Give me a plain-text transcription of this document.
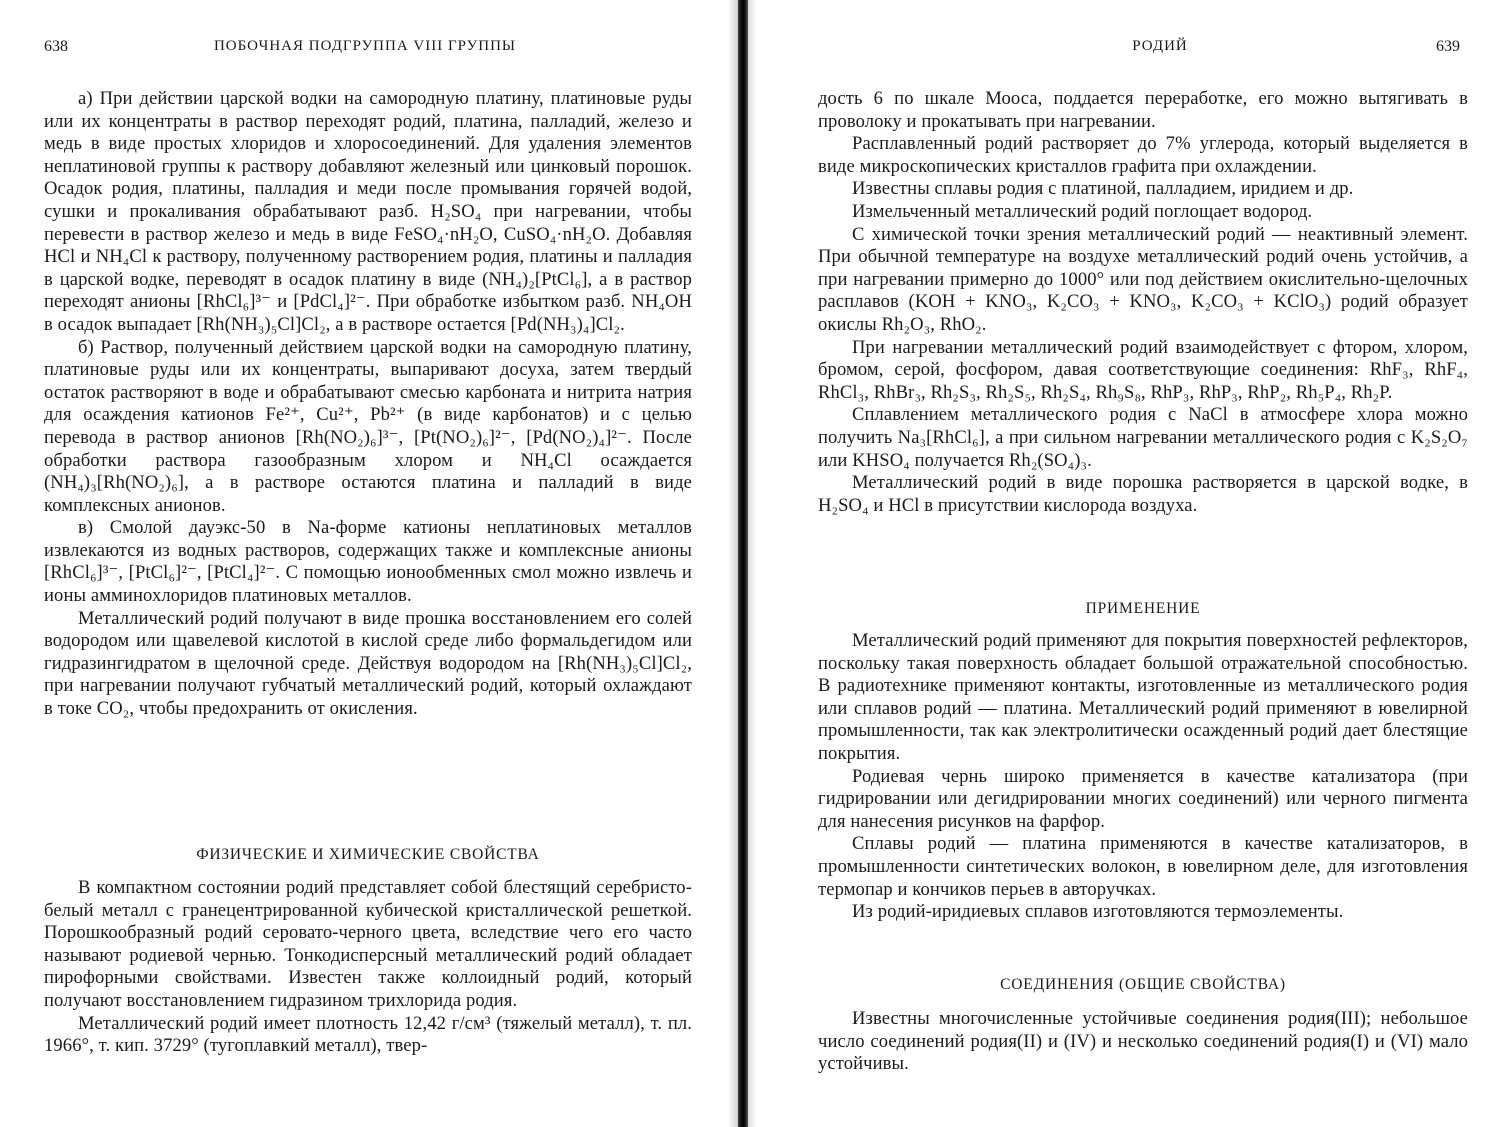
638	ПОБОЧНАЯ ПОДГРУППА VIII ГРУППЫ

а) При действии царской водки на самородную платину, платиновые руды или их концентраты в раствор переходят родий, платина, палладий, железо и медь в виде простых хлоридов и хлоросоединений. Для удаления элементов неплатиновой группы к раствору добавляют железный или цинковый порошок. Осадок родия, платины, палладия и меди после промывания горячей водой, сушки и прокаливания обрабатывают разб. H₂SO₄ при нагревании, чтобы перевести в раствор железо и медь в виде FeSO₄·nH₂O, CuSO₄·nH₂O. Добавляя HCl и NH₄Cl к раствору, полученному растворением родия, платины и палладия в царской водке, переводят в осадок платину в виде (NH₄)₂[PtCl₆], а в раствор переходят анионы [RhCl₆]³⁻ и [PdCl₄]²⁻. При обработке избытком разб. NH₄OH в осадок выпадает [Rh(NH₃)₅Cl]Cl₂, а в растворе остается [Pd(NH₃)₄]Cl₂.

б) Раствор, полученный действием царской водки на самородную платину, платиновые руды или их концентраты, выпаривают досуха, затем твердый остаток растворяют в воде и обрабатывают смесью карбоната и нитрита натрия для осаждения катионов Fe²⁺, Cu²⁺, Pb²⁺ (в виде карбонатов) и с целью перевода в раствор анионов [Rh(NO₂)₆]³⁻, [Pt(NO₂)₆]²⁻, [Pd(NO₂)₄]²⁻. После обработки раствора газообразным хлором и NH₄Cl осаждается (NH₄)₃[Rh(NO₂)₆], а в растворе остаются платина и палладий в виде комплексных анионов.

в) Смолой дауэкс-50 в Na-форме катионы неплатиновых металлов извлекаются из водных растворов, содержащих также и комплексные анионы [RhCl₆]³⁻, [PtCl₆]²⁻, [PtCl₄]²⁻. С помощью ионообменных смол можно извлечь и ионы амминохлоридов платиновых металлов.

Металлический родий получают в виде прошка восстановлением его солей водородом или щавелевой кислотой в кислой среде либо формальдегидом или гидразингидратом в щелочной среде. Действуя водородом на [Rh(NH₃)₅Cl]Cl₂, при нагревании получают губчатый металлический родий, который охлаждают в токе CO₂, чтобы предохранить от окисления.

ФИЗИЧЕСКИЕ И ХИМИЧЕСКИЕ СВОЙСТВА

В компактном состоянии родий представляет собой блестящий серебристо-белый металл с гранецентрированной кубической кристаллической решеткой. Порошкообразный родий серовато-черного цвета, вследствие чего его часто называют родиевой чернью. Тонкодисперсный металлический родий обладает пирофорными свойствами. Известен также коллоидный родий, который получают восстановлением гидразином трихлорида родия.

Металлический родий имеет плотность 12,42 г/см³ (тяжелый металл), т. пл. 1966°, т. кип. 3729° (тугоплавкий металл), твер-

РОДИЙ	639

дость 6 по шкале Мооса, поддается переработке, его можно вытягивать в проволоку и прокатывать при нагревании.

Расплавленный родий растворяет до 7% углерода, который выделяется в виде микроскопических кристаллов графита при охлаждении.

Известны сплавы родия с платиной, палладием, иридием и др.

Измельченный металлический родий поглощает водород.

С химической точки зрения металлический родий — неактивный элемент. При обычной температуре на воздухе металлический родий очень устойчив, а при нагревании примерно до 1000° или под действием окислительно-щелочных расплавов (KOH + KNO₃, K₂CO₃ + KNO₃, K₂CO₃ + KClO₃) родий образует окислы Rh₂O₃, RhO₂.

При нагревании металлический родий взаимодействует с фтором, хлором, бромом, серой, фосфором, давая соответствующие соединения: RhF₃, RhF₄, RhCl₃, RhBr₃, Rh₂S₃, Rh₂S₅, Rh₂S₄, Rh₉S₈, RhP₃, RhP₃, RhP₂, Rh₅P₄, Rh₂P.

Сплавлением металлического родия с NaCl в атмосфере хлора можно получить Na₃[RhCl₆], а при сильном нагревании металлического родия с K₂S₂O₇ или KHSO₄ получается Rh₂(SO₄)₃.

Металлический родий в виде порошка растворяется в царской водке, в H₂SO₄ и HCl в присутствии кислорода воздуха.

ПРИМЕНЕНИЕ

Металлический родий применяют для покрытия поверхностей рефлекторов, поскольку такая поверхность обладает большой отражательной способностью. В радиотехнике применяют контакты, изготовленные из металлического родия или сплавов родий — платина. Металлический родий применяют в ювелирной промышленности, так как электролитически осажденный родий дает блестящие покрытия.

Родиевая чернь широко применяется в качестве катализатора (при гидрировании или дегидрировании многих соединений) или черного пигмента для нанесения рисунков на фарфор.

Сплавы родий — платина применяются в качестве катализаторов, в промышленности синтетических волокон, в ювелирном деле, для изготовления термопар и кончиков перьев в авторучках.

Из родий-иридиевых сплавов изготовляются термоэлементы.

СОЕДИНЕНИЯ (ОБЩИЕ СВОЙСТВА)

Известны многочисленные устойчивые соединения родия(III); небольшое число соединений родия(II) и (IV) и несколько соединений родия(I) и (VI) мало устойчивы.
